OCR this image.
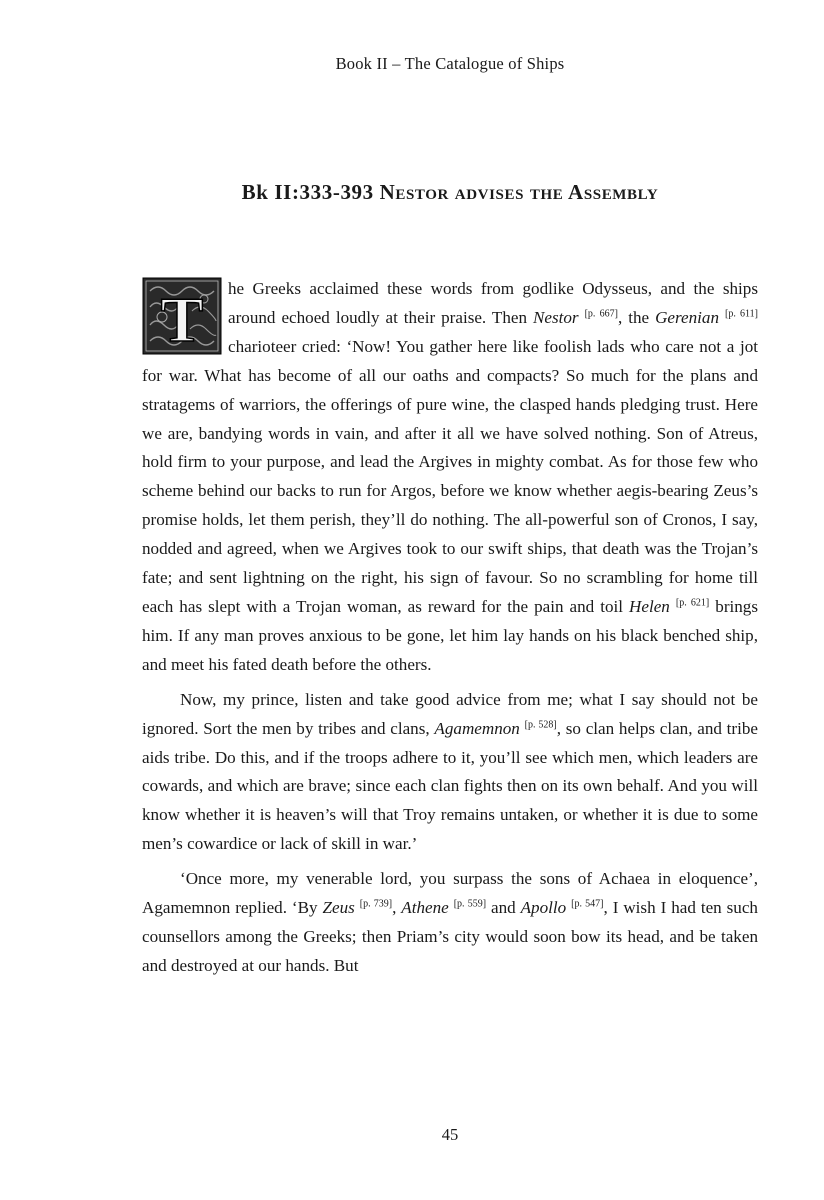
Book II – The Catalogue of Ships
Bk II:333-393 Nestor advises the Assembly

T he Greeks acclaimed these words from godlike Odysseus, and the ships around echoed loudly at their praise. Then Nestor [p. 667], the Gerenian [p. 611] charioteer cried: ‘Now! You gather here like foolish lads who care not a jot for war. What has become of all our oaths and compacts? So much for the plans and stratagems of warriors, the offerings of pure wine, the clasped hands pledging trust. Here we are, bandying words in vain, and after it all we have solved nothing. Son of Atreus, hold firm to your purpose, and lead the Argives in mighty combat. As for those few who scheme behind our backs to run for Argos, before we know whether aegis-bearing Zeus’s promise holds, let them perish, they’ll do nothing. The all-powerful son of Cronos, I say, nodded and agreed, when we Argives took to our swift ships, that death was the Trojan’s fate; and sent lightning on the right, his sign of favour. So no scrambling for home till each has slept with a Trojan woman, as reward for the pain and toil Helen [p. 621] brings him. If any man proves anxious to be gone, let him lay hands on his black benched ship, and meet his fated death before the others.

Now, my prince, listen and take good advice from me; what I say should not be ignored. Sort the men by tribes and clans, Agamemnon [p. 528], so clan helps clan, and tribe aids tribe. Do this, and if the troops adhere to it, you’ll see which men, which leaders are cowards, and which are brave; since each clan fights then on its own behalf. And you will know whether it is heaven’s will that Troy remains untaken, or whether it is due to some men’s cowardice or lack of skill in war.’

‘Once more, my venerable lord, you surpass the sons of Achaea in eloquence’, Agamemnon replied. ‘By Zeus [p. 739], Athene [p. 559] and Apollo [p. 547], I wish I had ten such counsellors among the Greeks; then Priam’s city would soon bow its head, and be taken and destroyed at our hands. But

45
